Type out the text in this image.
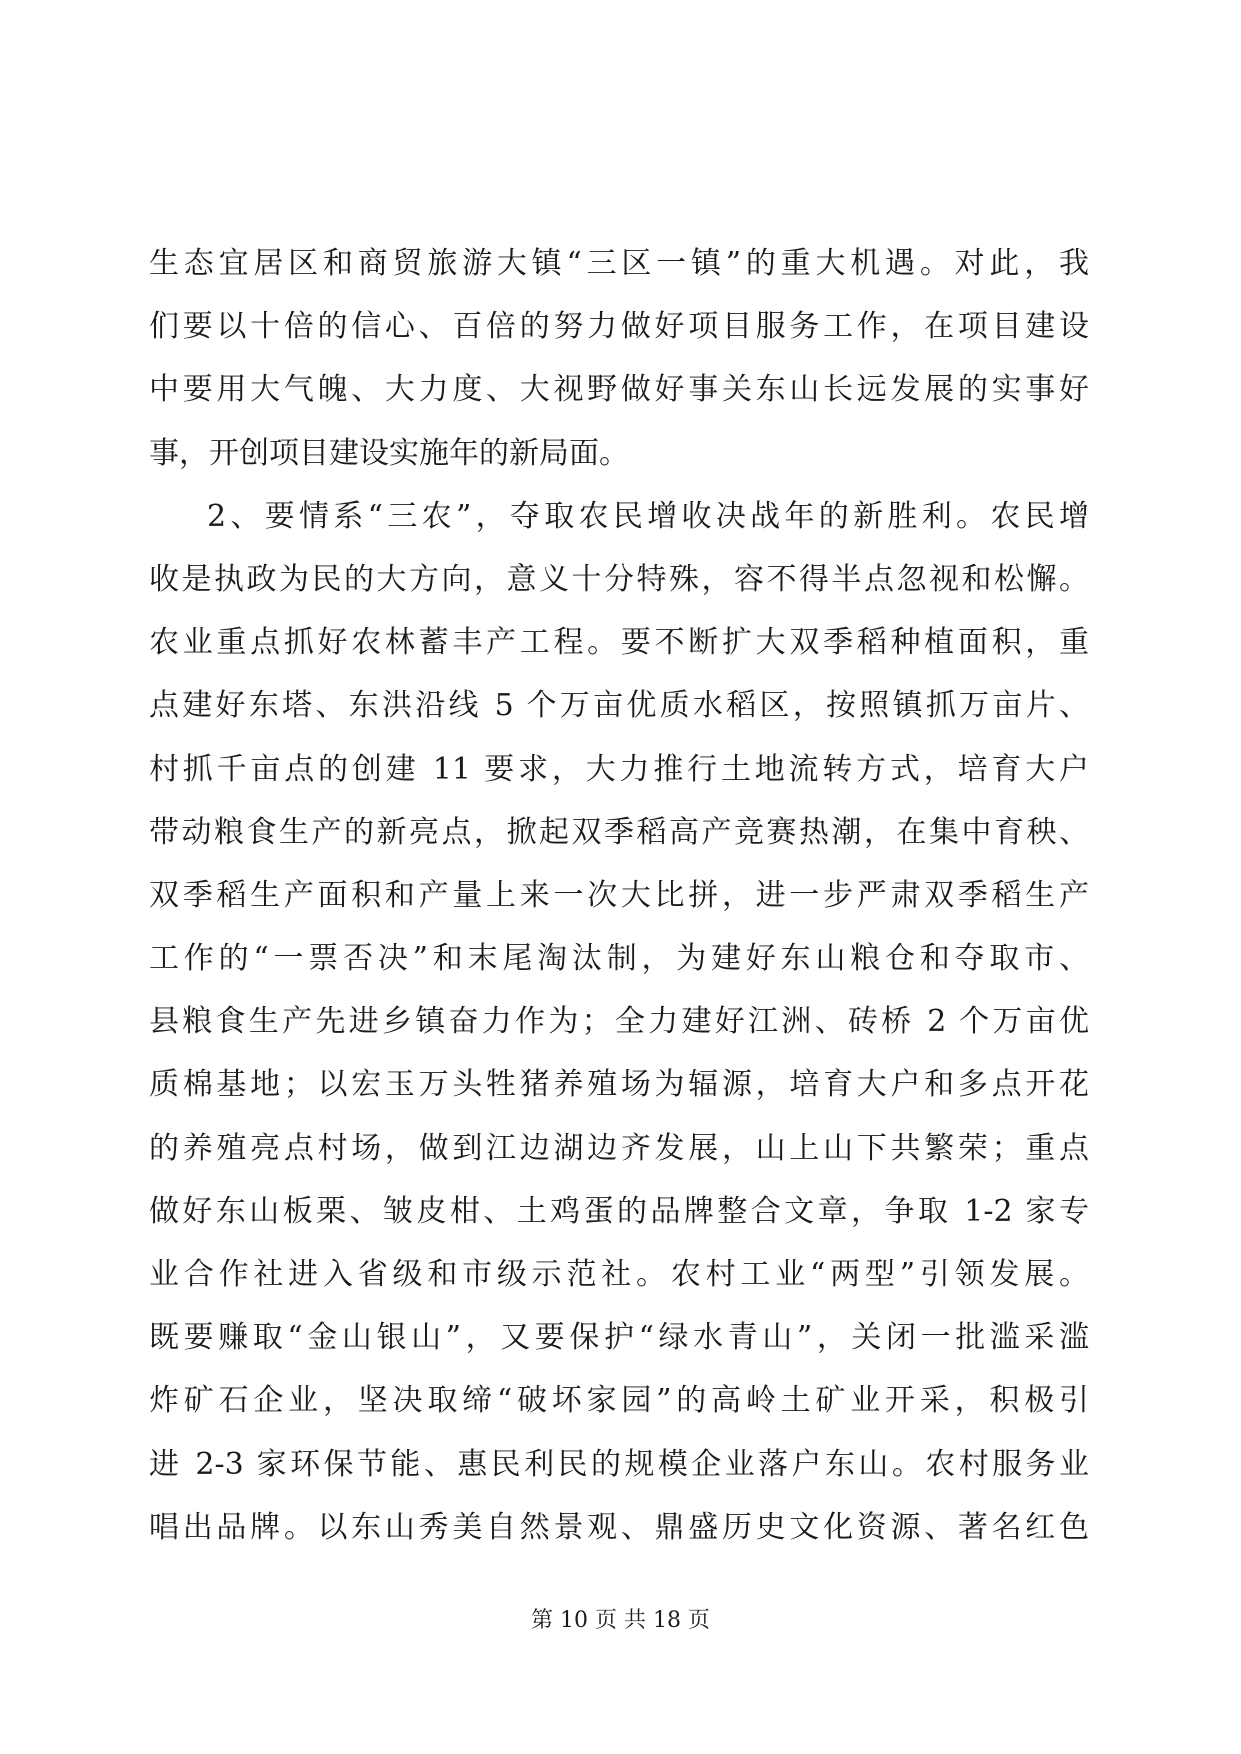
生态宜居区和商贸旅游大镇“三区一镇”的重大机遇。对此，我
们要以十倍的信心、百倍的努力做好项目服务工作，在项目建设
中要用大气魄、大力度、大视野做好事关东山长远发展的实事好
事，开创项目建设实施年的新局面。
2、要情系“三农”，夺取农民增收决战年的新胜利。农民增
收是执政为民的大方向，意义十分特殊，容不得半点忽视和松懈。
农业重点抓好农林蓄丰产工程。要不断扩大双季稻种植面积，重
点建好东塔、东洪沿线 5 个万亩优质水稻区，按照镇抓万亩片、
村抓千亩点的创建 11 要求，大力推行土地流转方式，培育大户
带动粮食生产的新亮点，掀起双季稻高产竞赛热潮，在集中育秧、
双季稻生产面积和产量上来一次大比拼，进一步严肃双季稻生产
工作的“一票否决”和末尾淘汰制，为建好东山粮仓和夺取市、
县粮食生产先进乡镇奋力作为；全力建好江洲、砖桥 2 个万亩优
质棉基地；以宏玉万头牲猪养殖场为辐源，培育大户和多点开花
的养殖亮点村场，做到江边湖边齐发展，山上山下共繁荣；重点
做好东山板栗、皱皮柑、土鸡蛋的品牌整合文章，争取 1-2 家专
业合作社进入省级和市级示范社。农村工业“两型”引领发展。
既要赚取“金山银山”，又要保护“绿水青山”，关闭一批滥采滥
炸矿石企业，坚决取缔“破坏家园”的高岭土矿业开采，积极引
进 2-3 家环保节能、惠民利民的规模企业落户东山。农村服务业
唱出品牌。以东山秀美自然景观、鼎盛历史文化资源、著名红色
第 10 页 共 18 页
